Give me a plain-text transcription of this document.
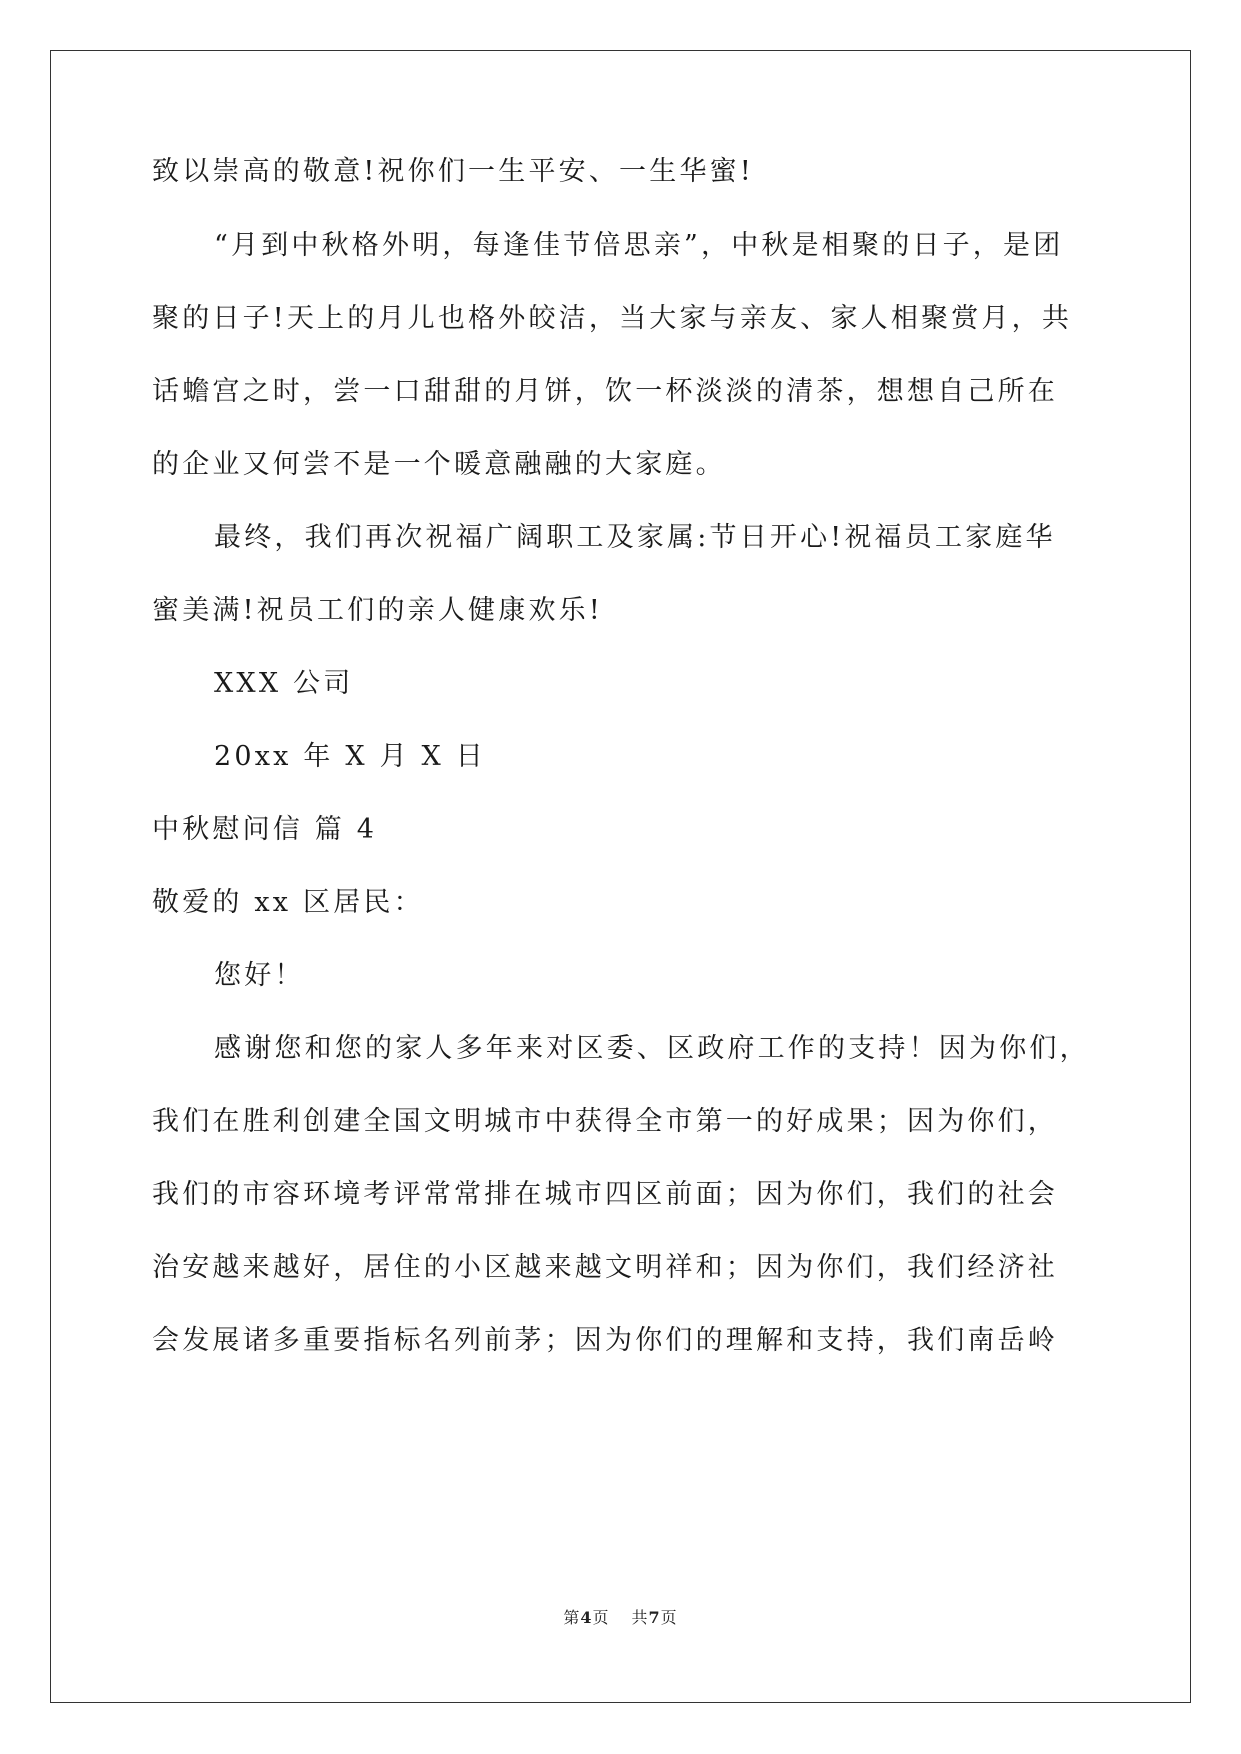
致以崇高的敬意!祝你们一生平安、一生华蜜!
“月到中秋格外明，每逢佳节倍思亲”，中秋是相聚的日子，是团
聚的日子!天上的月儿也格外皎洁，当大家与亲友、家人相聚赏月，共
话蟾宫之时，尝一口甜甜的月饼，饮一杯淡淡的清茶，想想自己所在
的企业又何尝不是一个暖意融融的大家庭。
最终，我们再次祝福广阔职工及家属:节日开心!祝福员工家庭华
蜜美满!祝员工们的亲人健康欢乐!
XXX 公司
20xx 年 X 月 X 日
中秋慰问信 篇 4
敬爱的 xx 区居民：
您好！
感谢您和您的家人多年来对区委、区政府工作的支持！因为你们，
我们在胜利创建全国文明城市中获得全市第一的好成果；因为你们，
我们的市容环境考评常常排在城市四区前面；因为你们，我们的社会
治安越来越好，居住的小区越来越文明祥和；因为你们，我们经济社
会发展诸多重要指标名列前茅；因为你们的理解和支持，我们南岳岭
第4页 共7页
